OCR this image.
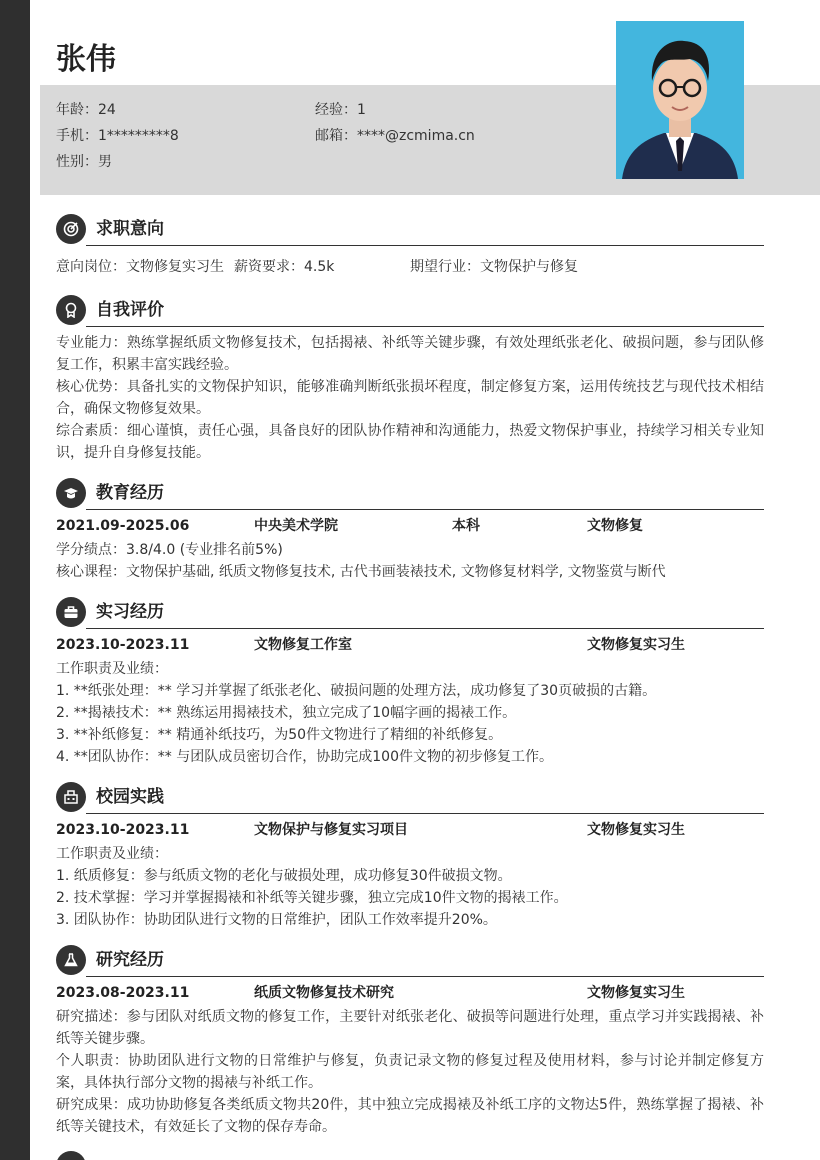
年龄：24	经验：1
手机：1*********8	邮箱：****@zcmima.cn
性别：男
张伟
求职意向
意向岗位：文物修复实习生 薪资要求：4.5k	期望行业：文物保护与修复
自我评价
专业能力：熟练掌握纸质文物修复技术，包括揭裱、补纸等关键步骤，有效处理纸张老化、破损问题，参与团队修复工作，积累丰富实践经验。
核心优势：具备扎实的文物保护知识，能够准确判断纸张损坏程度，制定修复方案，运用传统技艺与现代技术相结合，确保文物修复效果。
综合素质：细心谨慎，责任心强，具备良好的团队协作精神和沟通能力，热爱文物保护事业，持续学习相关专业知识，提升自身修复技能。
教育经历
2021.09-2025.06	中央美术学院	本科	文物修复
学分绩点：3.8/4.0 (专业排名前5%)
核心课程：文物保护基础, 纸质文物修复技术, 古代书画装裱技术, 文物修复材料学, 文物鉴赏与断代
实习经历
2023.10-2023.11	文物修复工作室	文物修复实习生
工作职责及业绩：
1. **纸张处理：** 学习并掌握了纸张老化、破损问题的处理方法，成功修复了30页破损的古籍。
2. **揭裱技术：** 熟练运用揭裱技术，独立完成了10幅字画的揭裱工作。
3. **补纸修复：** 精通补纸技巧，为50件文物进行了精细的补纸修复。
4. **团队协作：** 与团队成员密切合作，协助完成100件文物的初步修复工作。
校园实践
2023.10-2023.11	文物保护与修复实习项目	文物修复实习生
工作职责及业绩：
1. 纸质修复：参与纸质文物的老化与破损处理，成功修复30件破损文物。
2. 技术掌握：学习并掌握揭裱和补纸等关键步骤，独立完成10件文物的揭裱工作。
3. 团队协作：协助团队进行文物的日常维护，团队工作效率提升20%。
研究经历
2023.08-2023.11	纸质文物修复技术研究	文物修复实习生
研究描述：参与团队对纸质文物的修复工作，主要针对纸张老化、破损等问题进行处理，重点学习并实践揭裱、补纸等关键步骤。
个人职责：协助团队进行文物的日常维护与修复，负责记录文物的修复过程及使用材料，参与讨论并制定修复方案，具体执行部分文物的揭裱与补纸工作。
研究成果：成功协助修复各类纸质文物共20件，其中独立完成揭裱及补纸工序的文物达5件，熟练掌握了揭裱、补纸等关键技术，有效延长了文物的保存寿命。
